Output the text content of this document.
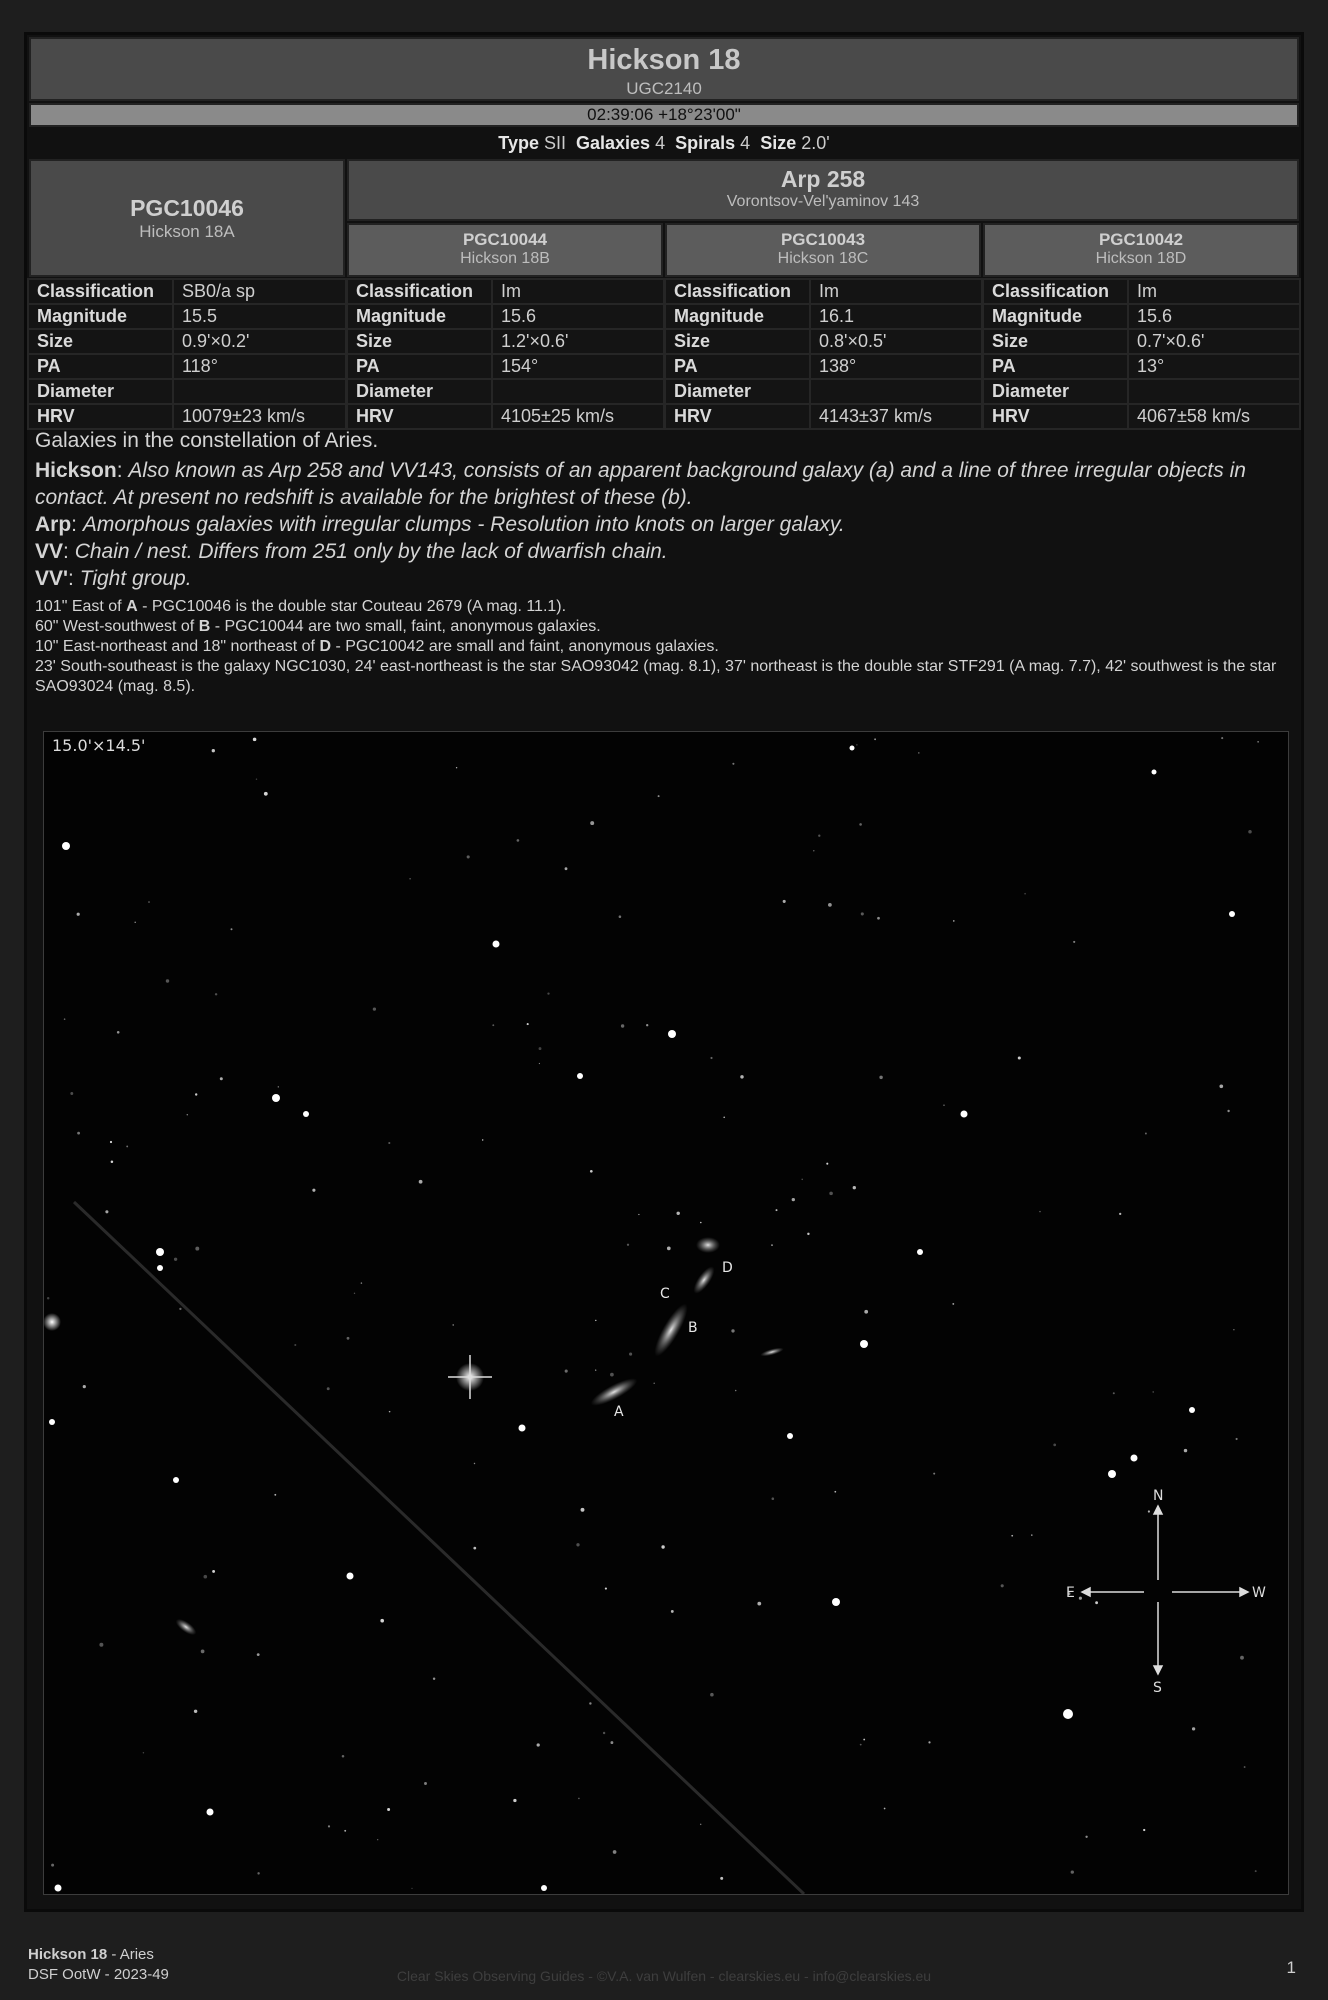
Hickson 18
UGC2140
02:39:06 +18°23'00"
Type SII Galaxies 4 Spirals 4 Size 2.0'
PGC10046
Hickson 18A
Arp 258
Vorontsov-Vel'yaminov 143
PGC10044
Hickson 18B
PGC10043
Hickson 18C
PGC10042
Hickson 18D
Classification	SB0/a sp
Magnitude	15.5
Size	0.9'×0.2'
PA	118°
Diameter	
HRV	10079±23 km/s
Classification	Im
Magnitude	15.6
Size	1.2'×0.6'
PA	154°
Diameter	
HRV	4105±25 km/s
Classification	Im
Magnitude	16.1
Size	0.8'×0.5'
PA	138°
Diameter	
HRV	4143±37 km/s
Classification	Im
Magnitude	15.6
Size	0.7'×0.6'
PA	13°
Diameter	
HRV	4067±58 km/s

Galaxies in the constellation of Aries.

Hickson: Also known as Arp 258 and VV143, consists of an apparent background galaxy (a) and a line of three irregular objects in contact. At present no redshift is available for the brightest of these (b).

Arp: Amorphous galaxies with irregular clumps - Resolution into knots on larger galaxy.

VV: Chain / nest. Differs from 251 only by the lack of dwarfish chain.

VV': Tight group.

101" East of A - PGC10046 is the double star Couteau 2679 (A mag. 11.1).

60" West-southwest of B - PGC10044 are two small, faint, anonymous galaxies.

10" East-northeast and 18" northeast of D - PGC10042 are small and faint, anonymous galaxies.

23' South-southeast is the galaxy NGC1030, 24' east-northeast is the star SAO93042 (mag. 8.1), 37' northeast is the double star STF291 (A mag. 7.7), 42' southwest is the star SAO93024 (mag. 8.5).

A
B
C
D
N
S
E	W
15.0'×14.5'
Hickson 18 - Aries
DSF OotW - 2023-49	Clear Skies Observing Guides - ©V.A. van Wulfen - clearskies.eu - info@clearskies.eu	1
